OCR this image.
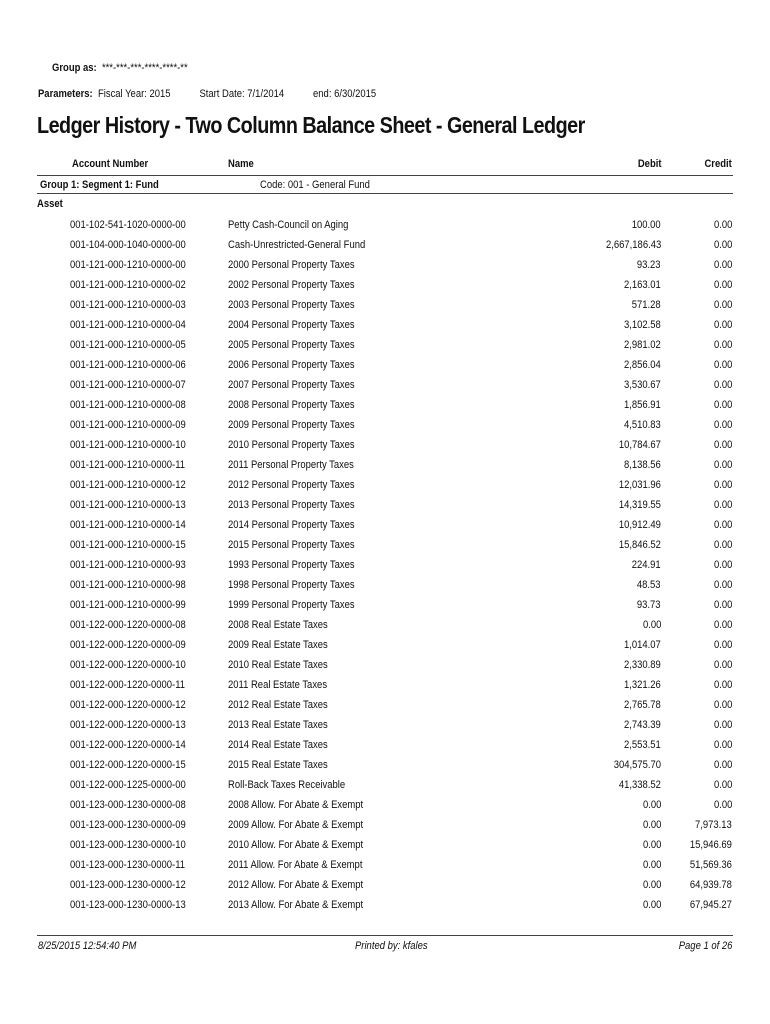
Group as: ***-***-***-****-****-**
Parameters: Fiscal Year: 2015	Start Date: 7/1/2014	end: 6/30/2015
Ledger History - Two Column Balance Sheet - General Ledger
Account Number	Name	Debit	Credit
Group 1: Segment 1: Fund	Code: 001 - General Fund
Asset
001-102-541-1020-0000-00	Petty Cash-Council on Aging	100.00	0.00
001-104-000-1040-0000-00	Cash-Unrestricted-General Fund	2,667,186.43	0.00
001-121-000-1210-0000-00	2000 Personal Property Taxes	93.23	0.00
001-121-000-1210-0000-02	2002 Personal Property Taxes	2,163.01	0.00
001-121-000-1210-0000-03	2003 Personal Property Taxes	571.28	0.00
001-121-000-1210-0000-04	2004 Personal Property Taxes	3,102.58	0.00
001-121-000-1210-0000-05	2005 Personal Property Taxes	2,981.02	0.00
001-121-000-1210-0000-06	2006 Personal Property Taxes	2,856.04	0.00
001-121-000-1210-0000-07	2007 Personal Property Taxes	3,530.67	0.00
001-121-000-1210-0000-08	2008 Personal Property Taxes	1,856.91	0.00
001-121-000-1210-0000-09	2009 Personal Property Taxes	4,510.83	0.00
001-121-000-1210-0000-10	2010 Personal Property Taxes	10,784.67	0.00
001-121-000-1210-0000-11	2011 Personal Property Taxes	8,138.56	0.00
001-121-000-1210-0000-12	2012 Personal Property Taxes	12,031.96	0.00
001-121-000-1210-0000-13	2013 Personal Property Taxes	14,319.55	0.00
001-121-000-1210-0000-14	2014 Personal Property Taxes	10,912.49	0.00
001-121-000-1210-0000-15	2015 Personal Property Taxes	15,846.52	0.00
001-121-000-1210-0000-93	1993 Personal Property Taxes	224.91	0.00
001-121-000-1210-0000-98	1998 Personal Property Taxes	48.53	0.00
001-121-000-1210-0000-99	1999 Personal Property Taxes	93.73	0.00
001-122-000-1220-0000-08	2008 Real Estate Taxes	0.00	0.00
001-122-000-1220-0000-09	2009 Real Estate Taxes	1,014.07	0.00
001-122-000-1220-0000-10	2010 Real Estate Taxes	2,330.89	0.00
001-122-000-1220-0000-11	2011 Real Estate Taxes	1,321.26	0.00
001-122-000-1220-0000-12	2012 Real Estate Taxes	2,765.78	0.00
001-122-000-1220-0000-13	2013 Real Estate Taxes	2,743.39	0.00
001-122-000-1220-0000-14	2014 Real Estate Taxes	2,553.51	0.00
001-122-000-1220-0000-15	2015 Real Estate Taxes	304,575.70	0.00
001-122-000-1225-0000-00	Roll-Back Taxes Receivable	41,338.52	0.00
001-123-000-1230-0000-08	2008 Allow. For Abate & Exempt	0.00	0.00
001-123-000-1230-0000-09	2009 Allow. For Abate & Exempt	0.00	7,973.13
001-123-000-1230-0000-10	2010 Allow. For Abate & Exempt	0.00	15,946.69
001-123-000-1230-0000-11	2011 Allow. For Abate & Exempt	0.00	51,569.36
001-123-000-1230-0000-12	2012 Allow. For Abate & Exempt	0.00	64,939.78
001-123-000-1230-0000-13	2013 Allow. For Abate & Exempt	0.00	67,945.27
8/25/2015 12:54:40 PM	Printed by: kfales	Page 1 of 26
